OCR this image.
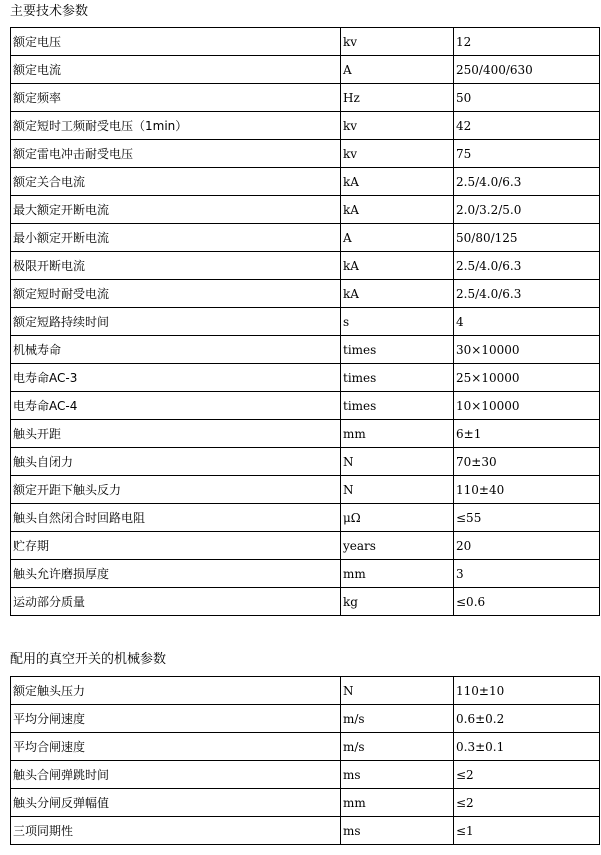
主要技术参数
额定电压	kv	12
额定电流	A	250/400/630
额定频率	Hz	50
额定短时工频耐受电压（1min）	kv	42
额定雷电冲击耐受电压	kv	75
额定关合电流	kA	2.5/4.0/6.3
最大额定开断电流	kA	2.0/3.2/5.0
最小额定开断电流	A	50/80/125
极限开断电流	kA	2.5/4.0/6.3
额定短时耐受电流	kA	2.5/4.0/6.3
额定短路持续时间	s	4
机械寿命	times	30×10000
电寿命AC-3	times	25×10000
电寿命AC-4	times	10×10000
触头开距	mm	6±1
触头自闭力	N	70±30
额定开距下触头反力	N	110±40
触头自然闭合时回路电阻	μΩ	≤55
贮存期	years	20
触头允许磨损厚度	mm	3
运动部分质量	kg	≤0.6
配用的真空开关的机械参数
额定触头压力	N	110±10
平均分闸速度	m/s	0.6±0.2
平均合闸速度	m/s	0.3±0.1
触头合闸弹跳时间	ms	≤2
触头分闸反弹幅值	mm	≤2
三项同期性	ms	≤1
